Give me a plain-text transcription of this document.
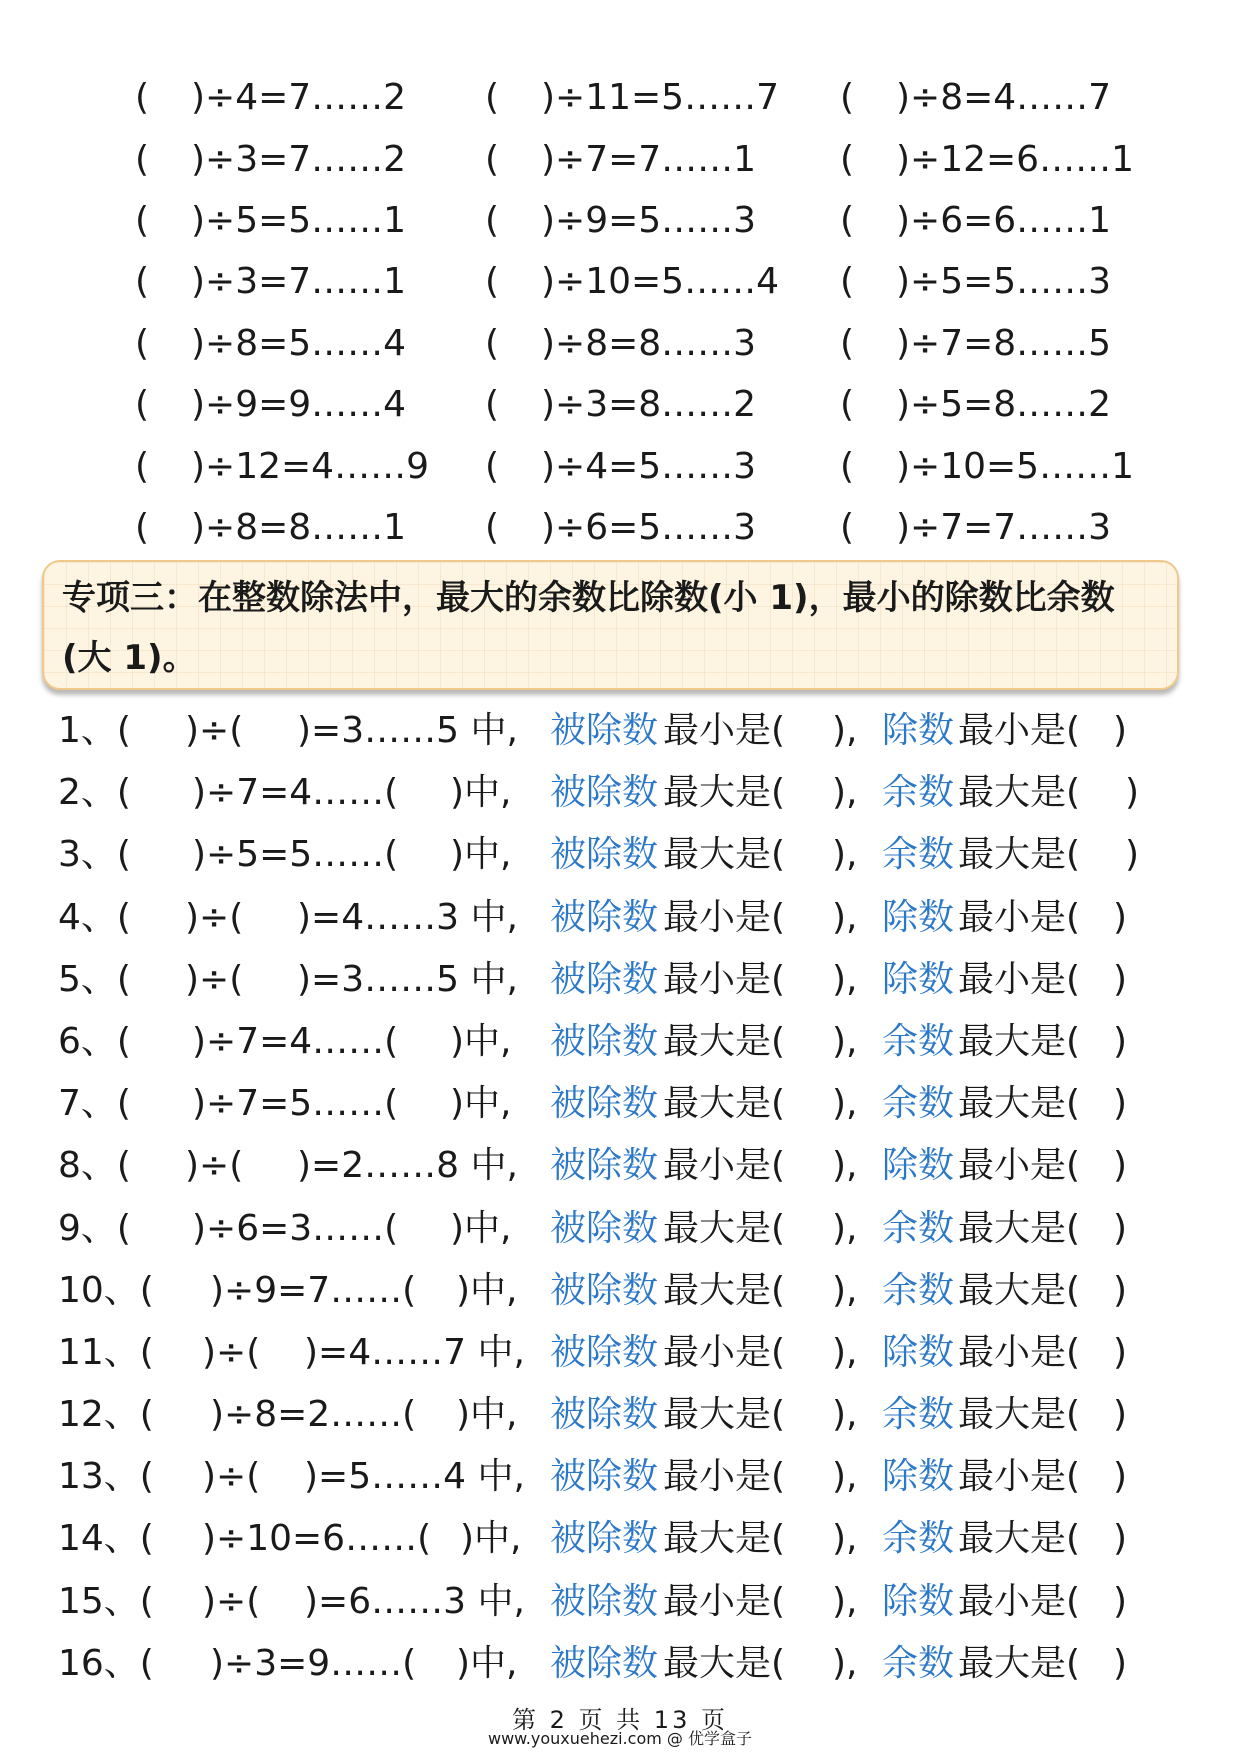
(	)÷4=7……2 (	)÷11=5……7 (	)÷8=4……7
(	)÷3=7……2 (	)÷7=7……1 (	)÷12=6……1
(	)÷5=5……1 (	)÷9=5……3 (	)÷6=6……1
(	)÷3=7……1 (	)÷10=5……4 (	)÷5=5……3
(	)÷8=5……4 (	)÷8=8……3 (	)÷7=8……5
(	)÷9=9……4 (	)÷3=8……2 (	)÷5=8……2
(	)÷12=4……9 (	)÷4=5……3 (	)÷10=5……1
(	)÷8=8……1 (	)÷6=5……3 (	)÷7=7……3
专项三：在整数除法中，最大的余数比除数(小 1)，最小的除数比余数(大 1)。
1、( )÷( )=3……5 中, 被除数 最小是( ), 除数 最小是( )
2、( )÷7=4……( )中, 被除数 最大是( ), 余数 最大是( )
3、( )÷5=5……( )中, 被除数 最大是( ), 余数 最大是( )
4、( )÷( )=4……3 中, 被除数 最小是( ), 除数 最小是( )
5、( )÷( )=3……5 中, 被除数 最小是( ), 除数 最小是( )
6、( )÷7=4……( )中, 被除数 最大是( ), 余数 最大是( )
7、( )÷7=5……( )中, 被除数 最大是( ), 余数 最大是( )
8、( )÷( )=2……8 中, 被除数 最小是( ), 除数 最小是( )
9、( )÷6=3……( )中, 被除数 最大是( ), 余数 最大是( )
10、( )÷9=7……( )中, 被除数 最大是( ), 余数 最大是( )
11、( )÷( )=4……7 中, 被除数 最小是( ), 除数 最小是( )
12、( )÷8=2……( )中, 被除数 最大是( ), 余数 最大是( )
13、( )÷( )=5……4 中, 被除数 最小是( ), 除数 最小是( )
14、( )÷10=6……( )中, 被除数 最大是( ), 余数 最大是( )
15、( )÷( )=6……3 中, 被除数 最小是( ), 除数 最小是( )
16、( )÷3=9……( )中, 被除数 最大是( ), 余数 最大是( )
第 2 页 共 13 页
www.youxuehezi.com @ 优学盒子
